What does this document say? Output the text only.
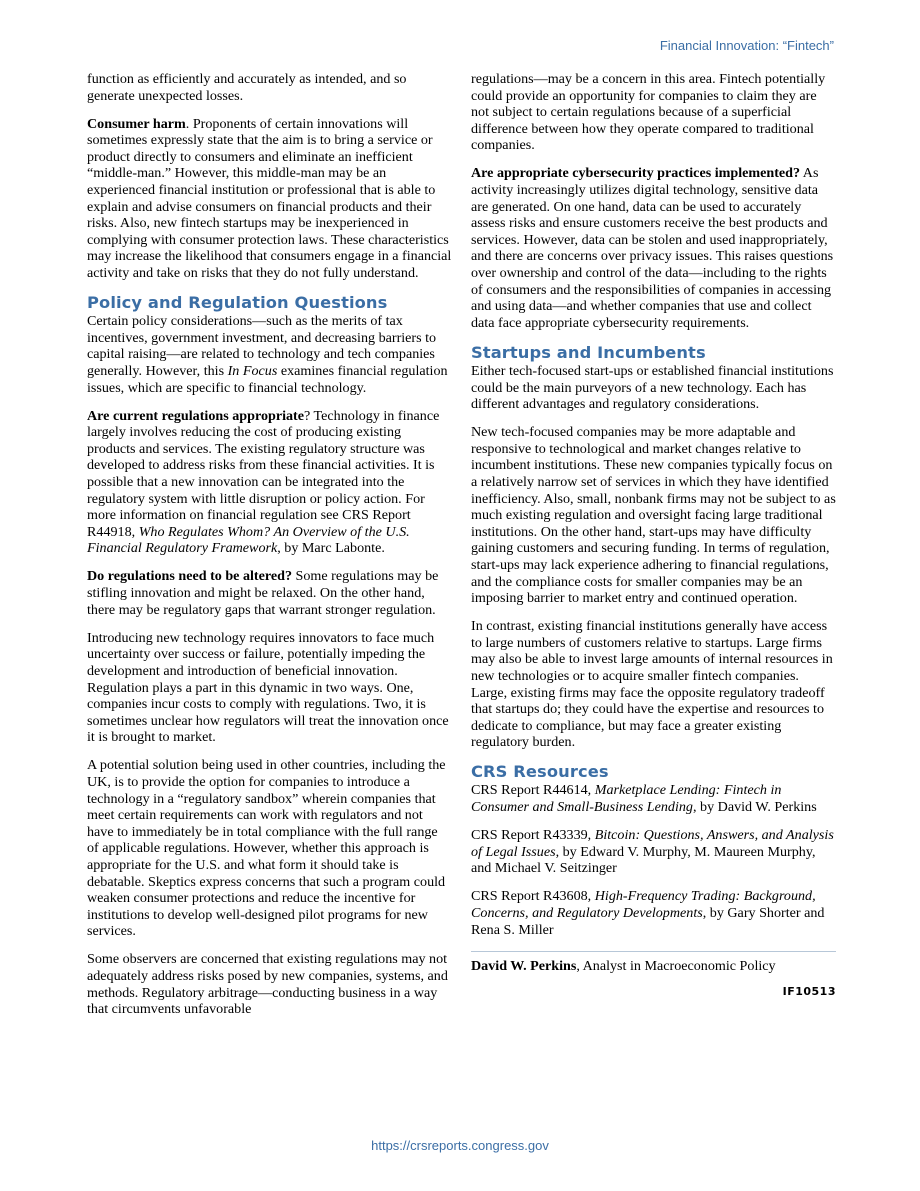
Financial Innovation: “Fintech”

function as efficiently and accurately as intended, and so generate unexpected losses.

Consumer harm. Proponents of certain innovations will sometimes expressly state that the aim is to bring a service or product directly to consumers and eliminate an inefficient “middle-man.” However, this middle-man may be an experienced financial institution or professional that is able to explain and advise consumers on financial products and their risks. Also, new fintech startups may be inexperienced in complying with consumer protection laws. These characteristics may increase the likelihood that consumers engage in a financial activity and take on risks that they do not fully understand.

Policy and Regulation Questions

Certain policy considerations—such as the merits of tax incentives, government investment, and decreasing barriers to capital raising—are related to technology and tech companies generally. However, this In Focus examines financial regulation issues, which are specific to financial technology.

Are current regulations appropriate? Technology in finance largely involves reducing the cost of producing existing products and services. The existing regulatory structure was developed to address risks from these financial activities. It is possible that a new innovation can be integrated into the regulatory system with little disruption or policy action. For more information on financial regulation see CRS Report R44918, Who Regulates Whom? An Overview of the U.S. Financial Regulatory Framework, by Marc Labonte.

Do regulations need to be altered? Some regulations may be stifling innovation and might be relaxed. On the other hand, there may be regulatory gaps that warrant stronger regulation.

Introducing new technology requires innovators to face much uncertainty over success or failure, potentially impeding the development and introduction of beneficial innovation. Regulation plays a part in this dynamic in two ways. One, companies incur costs to comply with regulations. Two, it is sometimes unclear how regulators will treat the innovation once it is brought to market.

A potential solution being used in other countries, including the UK, is to provide the option for companies to introduce a technology in a “regulatory sandbox” wherein companies that meet certain requirements can work with regulators and not have to immediately be in total compliance with the full range of applicable regulations. However, whether this approach is appropriate for the U.S. and what form it should take is debatable. Skeptics express concerns that such a program could weaken consumer protections and reduce the incentive for institutions to develop well-designed pilot programs for new services.

Some observers are concerned that existing regulations may not adequately address risks posed by new companies, systems, and methods. Regulatory arbitrage—conducting business in a way that circumvents unfavorable

regulations—may be a concern in this area. Fintech potentially could provide an opportunity for companies to claim they are not subject to certain regulations because of a superficial difference between how they operate compared to traditional companies.

Are appropriate cybersecurity practices implemented? As activity increasingly utilizes digital technology, sensitive data are generated. On one hand, data can be used to accurately assess risks and ensure customers receive the best products and services. However, data can be stolen and used inappropriately, and there are concerns over privacy issues. This raises questions over ownership and control of the data—including to the rights of consumers and the responsibilities of companies in accessing and using data—and whether companies that use and collect data face appropriate cybersecurity requirements.

Startups and Incumbents

Either tech-focused start-ups or established financial institutions could be the main purveyors of a new technology. Each has different advantages and regulatory considerations.

New tech-focused companies may be more adaptable and responsive to technological and market changes relative to incumbent institutions. These new companies typically focus on a relatively narrow set of services in which they have identified inefficiency. Also, small, nonbank firms may not be subject to as much existing regulation and oversight facing large traditional institutions. On the other hand, start-ups may have difficulty gaining customers and securing funding. In terms of regulation, start-ups may lack experience adhering to financial regulations, and the compliance costs for smaller companies may be an imposing barrier to market entry and continued operation.

In contrast, existing financial institutions generally have access to large numbers of customers relative to startups. Large firms may also be able to invest large amounts of internal resources in new technologies or to acquire smaller fintech companies. Large, existing firms may face the opposite regulatory tradeoff that startups do; they could have the expertise and resources to dedicate to compliance, but may face a greater existing regulatory burden.

CRS Resources

CRS Report R44614, Marketplace Lending: Fintech in Consumer and Small-Business Lending, by David W. Perkins

CRS Report R43339, Bitcoin: Questions, Answers, and Analysis of Legal Issues, by Edward V. Murphy, M. Maureen Murphy, and Michael V. Seitzinger

CRS Report R43608, High-Frequency Trading: Background, Concerns, and Regulatory Developments, by Gary Shorter and Rena S. Miller

David W. Perkins, Analyst in Macroeconomic Policy

IF10513
https://crsreports.congress.gov
